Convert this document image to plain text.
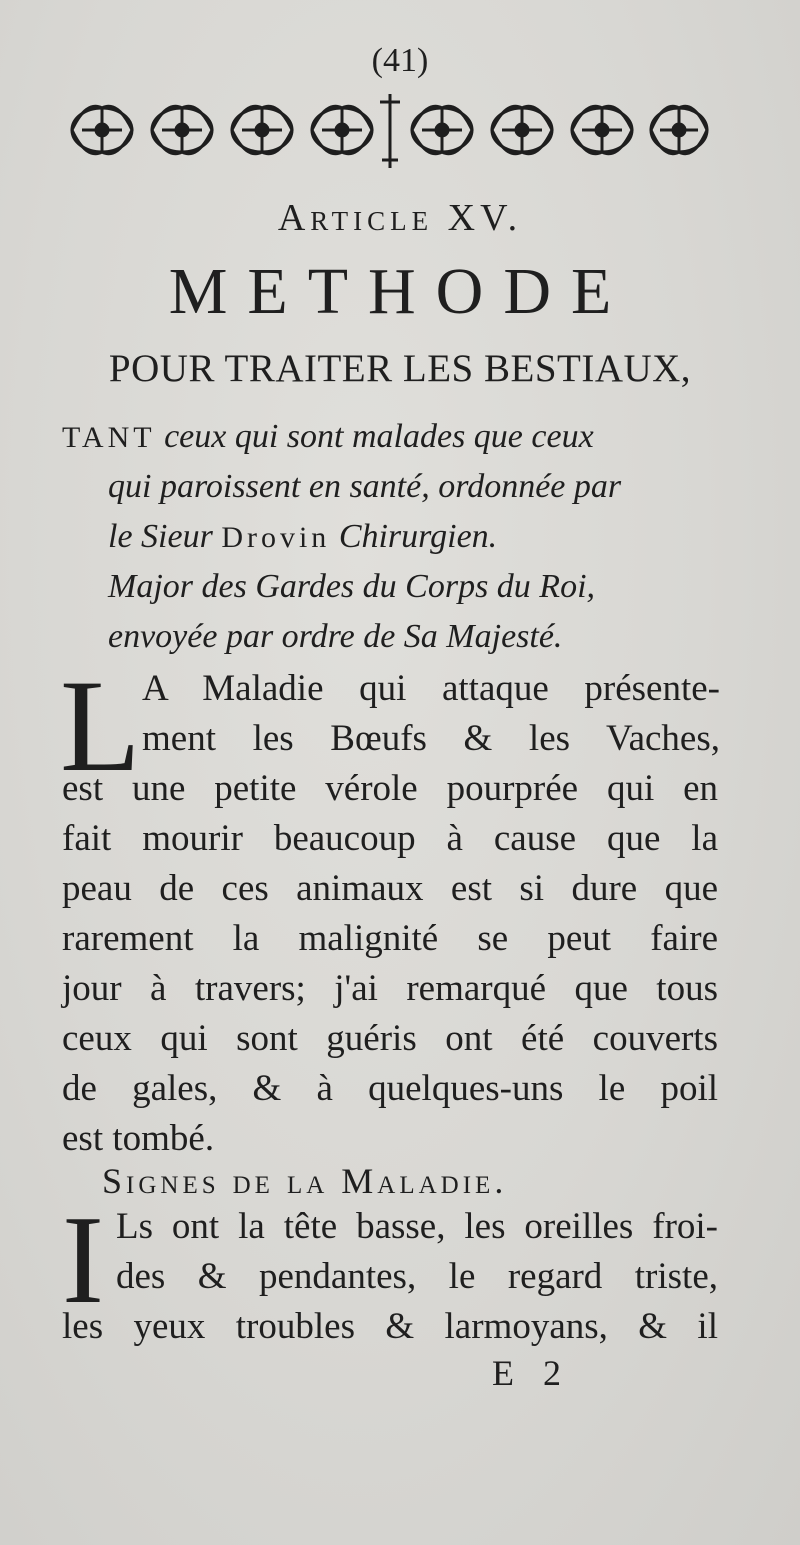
(41)
Article XV.
METHODE
POUR TRAITER LES BESTIAUX,
TANT ceux qui sont malades que ceux
qui paroissent en santé, ordonnée par
le Sieur Drovin Chirurgien.
Major des Gardes du Corps du Roi,
envoyée par ordre de Sa Majesté.
L A Maladie qui attaque présente-
ment les Bœufs & les Vaches,
est une petite vérole pourprée qui en
fait mourir beaucoup à cause que la
peau de ces animaux est si dure que
rarement la malignité se peut faire
jour à travers; j'ai remarqué que tous
ceux qui sont guéris ont été couverts
de gales, & à quelques-uns le poil
est tombé.
Signes de la Maladie.
I Ls ont la tête basse, les oreilles froi-
des & pendantes, le regard triste,
les yeux troubles & larmoyans, & il
E 2
